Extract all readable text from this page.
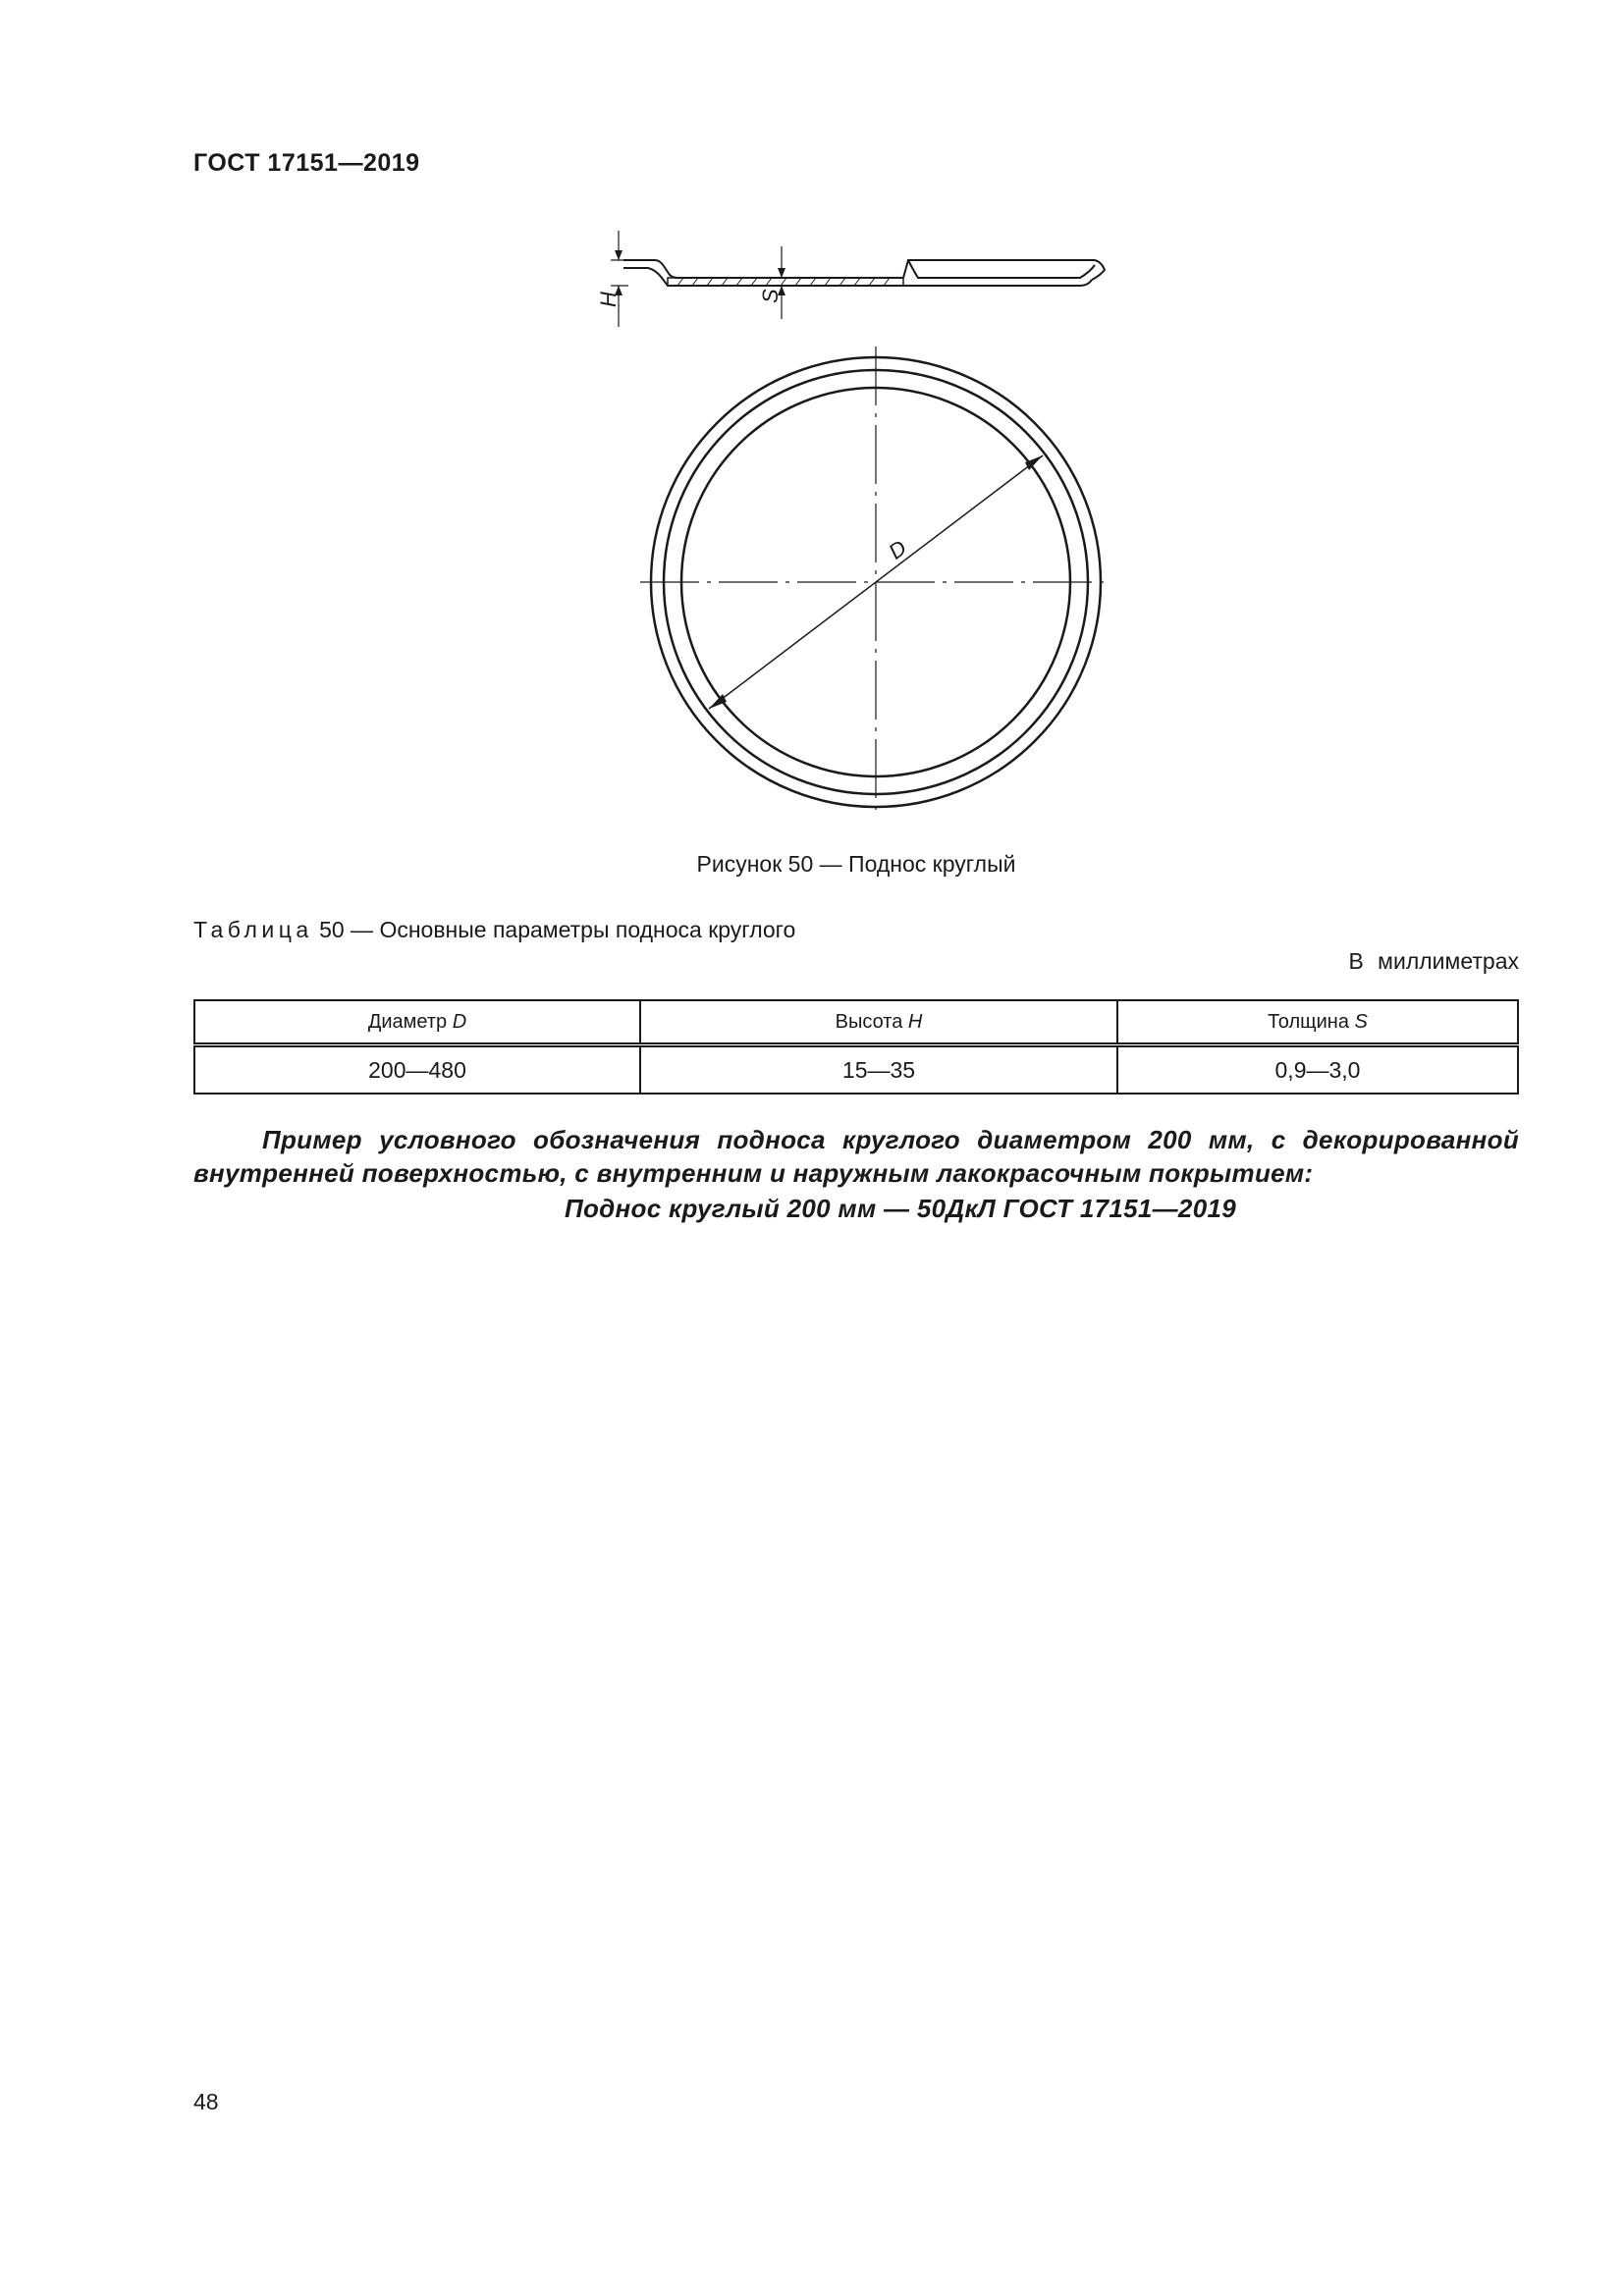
ГОСТ 17151—2019
H	S
D
Рисунок 50 — Поднос круглый
Таблица 50 — Основные параметры подноса круглого
В миллиметрах
Диаметр D	Высота H	Толщина S
200—480	15—35	0,9—3,0

Пример условного обозначения подноса круглого диаметром 200 мм, с декорированной внутренней поверхностью, с внутренним и наружным лакокрасочным покрытием:

Поднос круглый 200 мм — 50ДкЛ ГОСТ 17151—2019

48
